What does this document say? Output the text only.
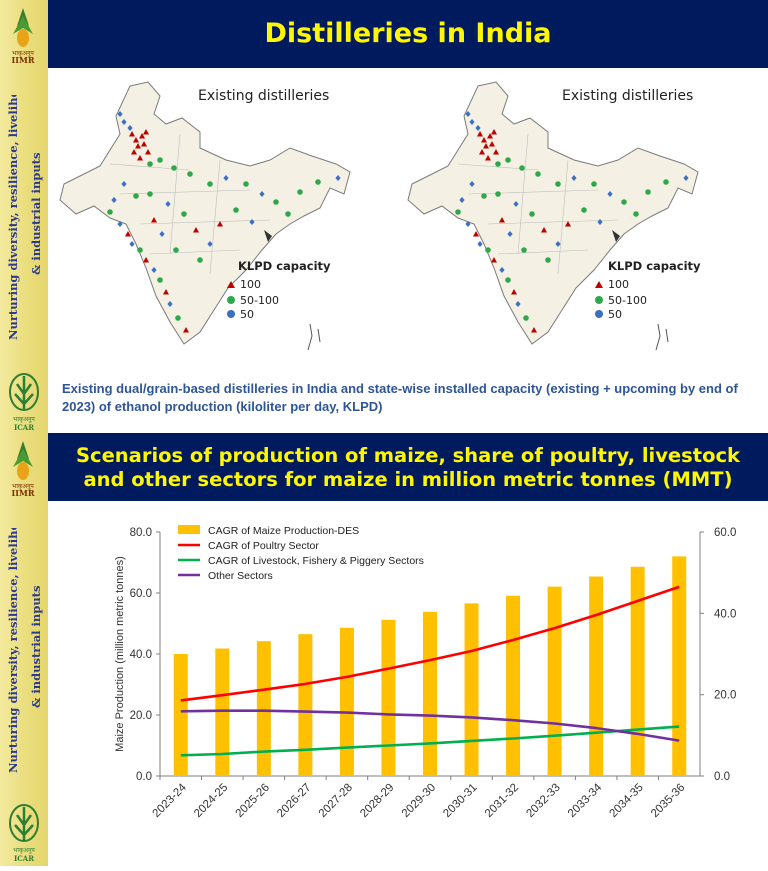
भाकृअनुप
IIMR
Nurturing diversity, resilience, livelihood & industrial inputs
भाकृअनुप
ICAR
भाकृअनुप
IIMR
Nurturing diversity, resilience, livelihood & industrial inputs
भाकृअनुप
ICAR
Distilleries in India
Existing distilleries
KLPD capacity
100
50-100
50
Existing distilleries
KLPD capacity
100
50-100
50
Existing dual/grain-based distilleries in India and state-wise installed capacity (existing + upcoming by end of 2023) of ethanol production (kiloliter per day, KLPD)
Scenarios of production of maize, share of poultry, livestock
and other sectors for maize in million metric tonnes (MMT)
0.0
20.0
40.0
60.0
80.0
0.0
20.0
40.0
60.0
Maize Production (million metric tonnes)
2023-24 2024-25 2025-26 2026-27 2027-28 2028-29 2029-30 2030-31 2031-32 2032-33 2033-34 2034-35 2035-36
CAGR of Maize Production-DES
CAGR of Poultry Sector
CAGR of Livestock, Fishery & Piggery Sectors
Other Sectors
